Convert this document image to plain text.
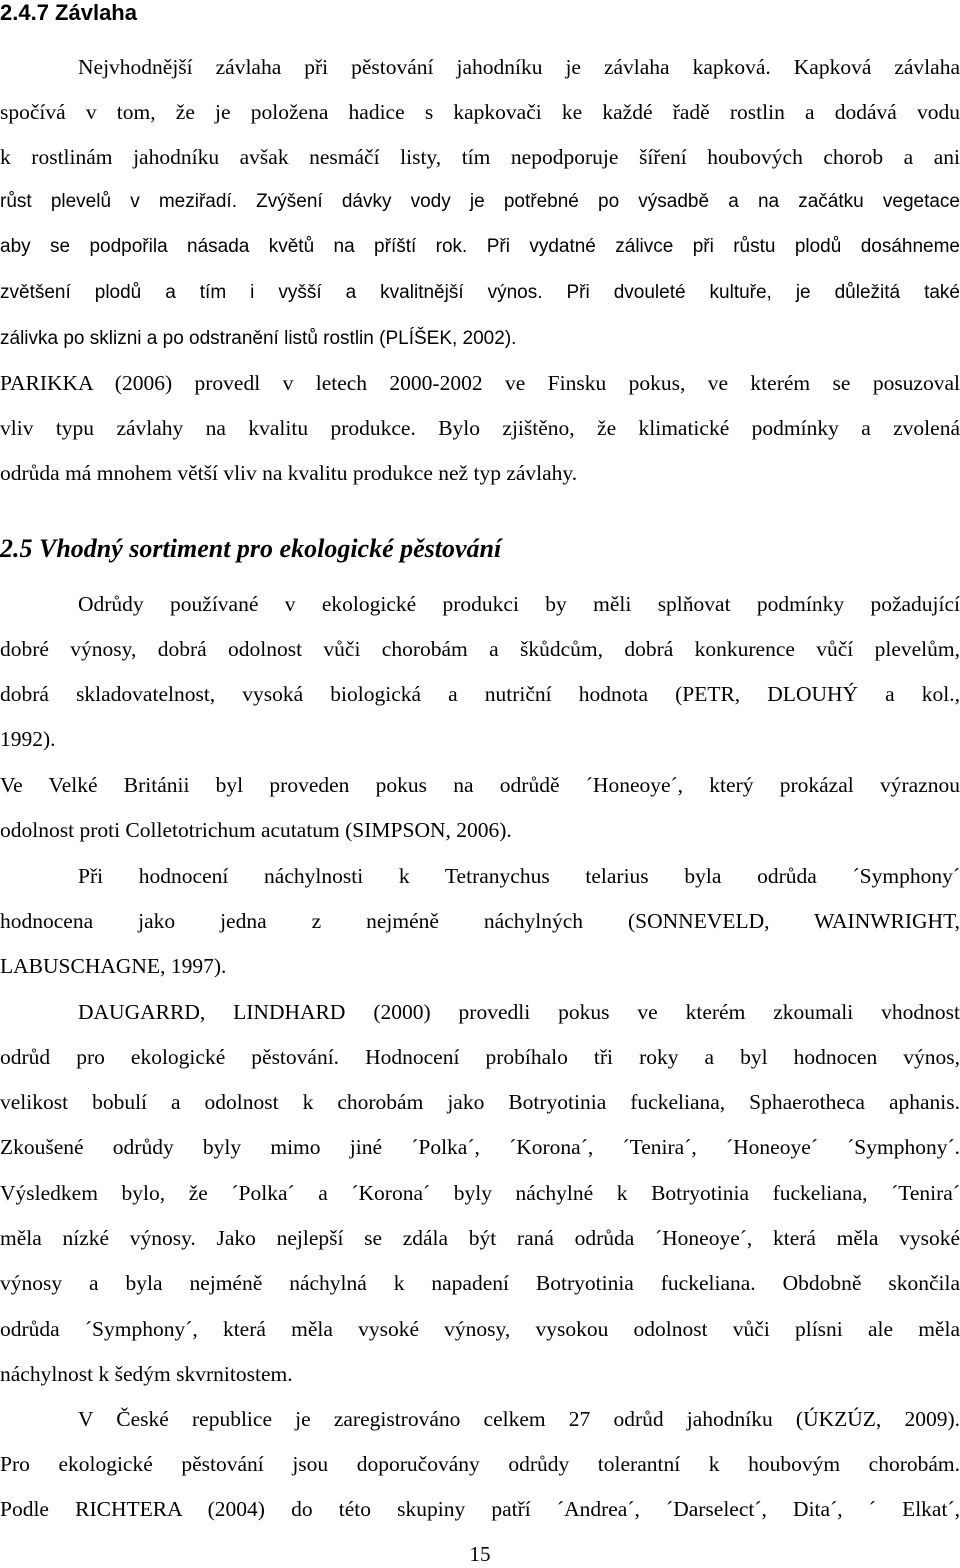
2.4.7 Závlaha

Nejvhodnější závlaha při pěstování jahodníku je závlaha kapková. Kapková závlaha

spočívá v tom, že je položena hadice s kapkovači ke každé řadě rostlin a dodává vodu

k rostlinám jahodníku avšak nesmáčí listy, tím nepodporuje šíření houbových chorob a ani

růst plevelů v meziřadí. Zvýšení dávky vody je potřebné po výsadbě a na začátku vegetace

aby se podpořila násada květů na příští rok. Při vydatné zálivce při růstu plodů dosáhneme

zvětšení plodů a tím i vyšší a kvalitnější výnos. Při dvouleté kultuře, je důležitá také

zálivka po sklizni a po odstranění listů rostlin (PLÍŠEK, 2002).

PARIKKA (2006) provedl v letech 2000-2002 ve Finsku pokus, ve kterém se posuzoval

vliv typu závlahy na kvalitu produkce. Bylo zjištěno, že klimatické podmínky a zvolená

odrůda má mnohem větší vliv na kvalitu produkce než typ závlahy.

2.5 Vhodný sortiment pro ekologické pěstování

Odrůdy používané v ekologické produkci by měli splňovat podmínky požadující

dobré výnosy, dobrá odolnost vůči chorobám a škůdcům, dobrá konkurence vůčí plevelům,

dobrá skladovatelnost, vysoká biologická a nutriční hodnota (PETR, DLOUHÝ a kol.,

1992).

Ve Velké Británii byl proveden pokus na odrůdě ´Honeoye´, který prokázal výraznou

odolnost proti Colletotrichum acutatum (SIMPSON, 2006).

Při hodnocení náchylnosti k Tetranychus telarius byla odrůda ´Symphony´

hodnocena jako jedna z nejméně náchylných (SONNEVELD, WAINWRIGHT,

LABUSCHAGNE, 1997).

DAUGARRD, LINDHARD (2000) provedli pokus ve kterém zkoumali vhodnost

odrůd pro ekologické pěstování. Hodnocení probíhalo tři roky a byl hodnocen výnos,

velikost bobulí a odolnost k chorobám jako Botryotinia fuckeliana, Sphaerotheca aphanis.

Zkoušené odrůdy byly mimo jiné ´Polka´, ´Korona´, ´Tenira´, ´Honeoye´ ´Symphony´.

Výsledkem bylo, že ´Polka´ a ´Korona´ byly náchylné k Botryotinia fuckeliana, ´Tenira´

měla nízké výnosy. Jako nejlepší se zdála být raná odrůda ´Honeoye´, která měla vysoké

výnosy a byla nejméně náchylná k napadení Botryotinia fuckeliana. Obdobně skončila

odrůda ´Symphony´, která měla vysoké výnosy, vysokou odolnost vůči plísni ale měla

náchylnost k šedým skvrnitostem.

V České republice je zaregistrováno celkem 27 odrůd jahodníku (ÚKZÚZ, 2009).

Pro ekologické pěstování jsou doporučovány odrůdy tolerantní k houbovým chorobám.

Podle RICHTERA (2004) do této skupiny patří ´Andrea´, ´Darselect´, Dita´, ´ Elkat´,

15
